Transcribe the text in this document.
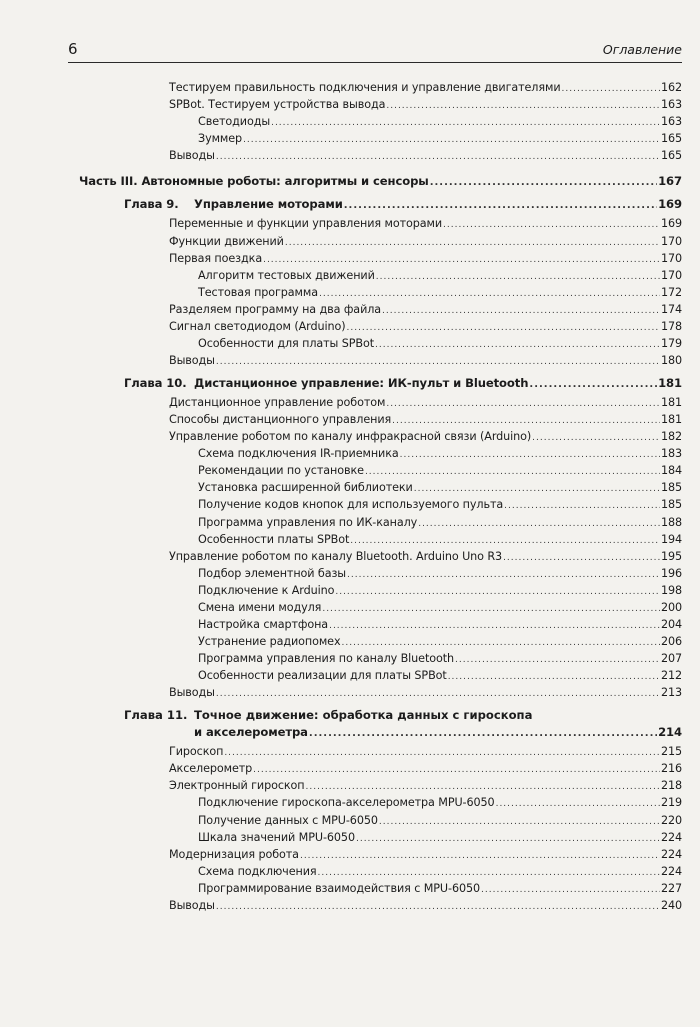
6	Оглавление
Тестируем правильность подключения и управление двигателями .....	162
SPBot. Тестируем устройства вывода .....	163
Светодиоды .....	163
Зуммер .....	165
Выводы .....	165
Часть III. Автономные роботы: алгоритмы и сенсоры .....	167
Глава 9. Управление моторами .....	169
Переменные и функции управления моторами .....	169
Функции движений .....	170
Первая поездка .....	170
Алгоритм тестовых движений .....	170
Тестовая программа .....	172
Разделяем программу на два файла .....	174
Сигнал светодиодом (Arduino) .....	178
Особенности для платы SPBot .....	179
Выводы .....	180
Глава 10. Дистанционное управление: ИК-пульт и Bluetooth .....	181
Дистанционное управление роботом .....	181
Способы дистанционного управления .....	181
Управление роботом по каналу инфракрасной связи (Arduino) .....	182
Схема подключения IR-приемника .....	183
Рекомендации по установке .....	184
Установка расширенной библиотеки .....	185
Получение кодов кнопок для используемого пульта .....	185
Программа управления по ИК-каналу .....	188
Особенности платы SPBot .....	194
Управление роботом по каналу Bluetooth. Arduino Uno R3 .....	195
Подбор элементной базы .....	196
Подключение к Arduino .....	198
Смена имени модуля .....	200
Настройка смартфона .....	204
Устранение радиопомех .....	206
Программа управления по каналу Bluetooth .....	207
Особенности реализации для платы SPBot .....	212
Выводы .....	213
Глава 11. Точное движение: обработка данных с гироскопа
и акселерометра .....	214
Гироскоп .....	215
Акселерометр .....	216
Электронный гироскоп .....	218
Подключение гироскопа-акселерометра MPU-6050 .....	219
Получение данных с MPU-6050 .....	220
Шкала значений MPU-6050 .....	224
Модернизация робота .....	224
Схема подключения .....	224
Программирование взаимодействия с MPU-6050 .....	227
Выводы .....	240
